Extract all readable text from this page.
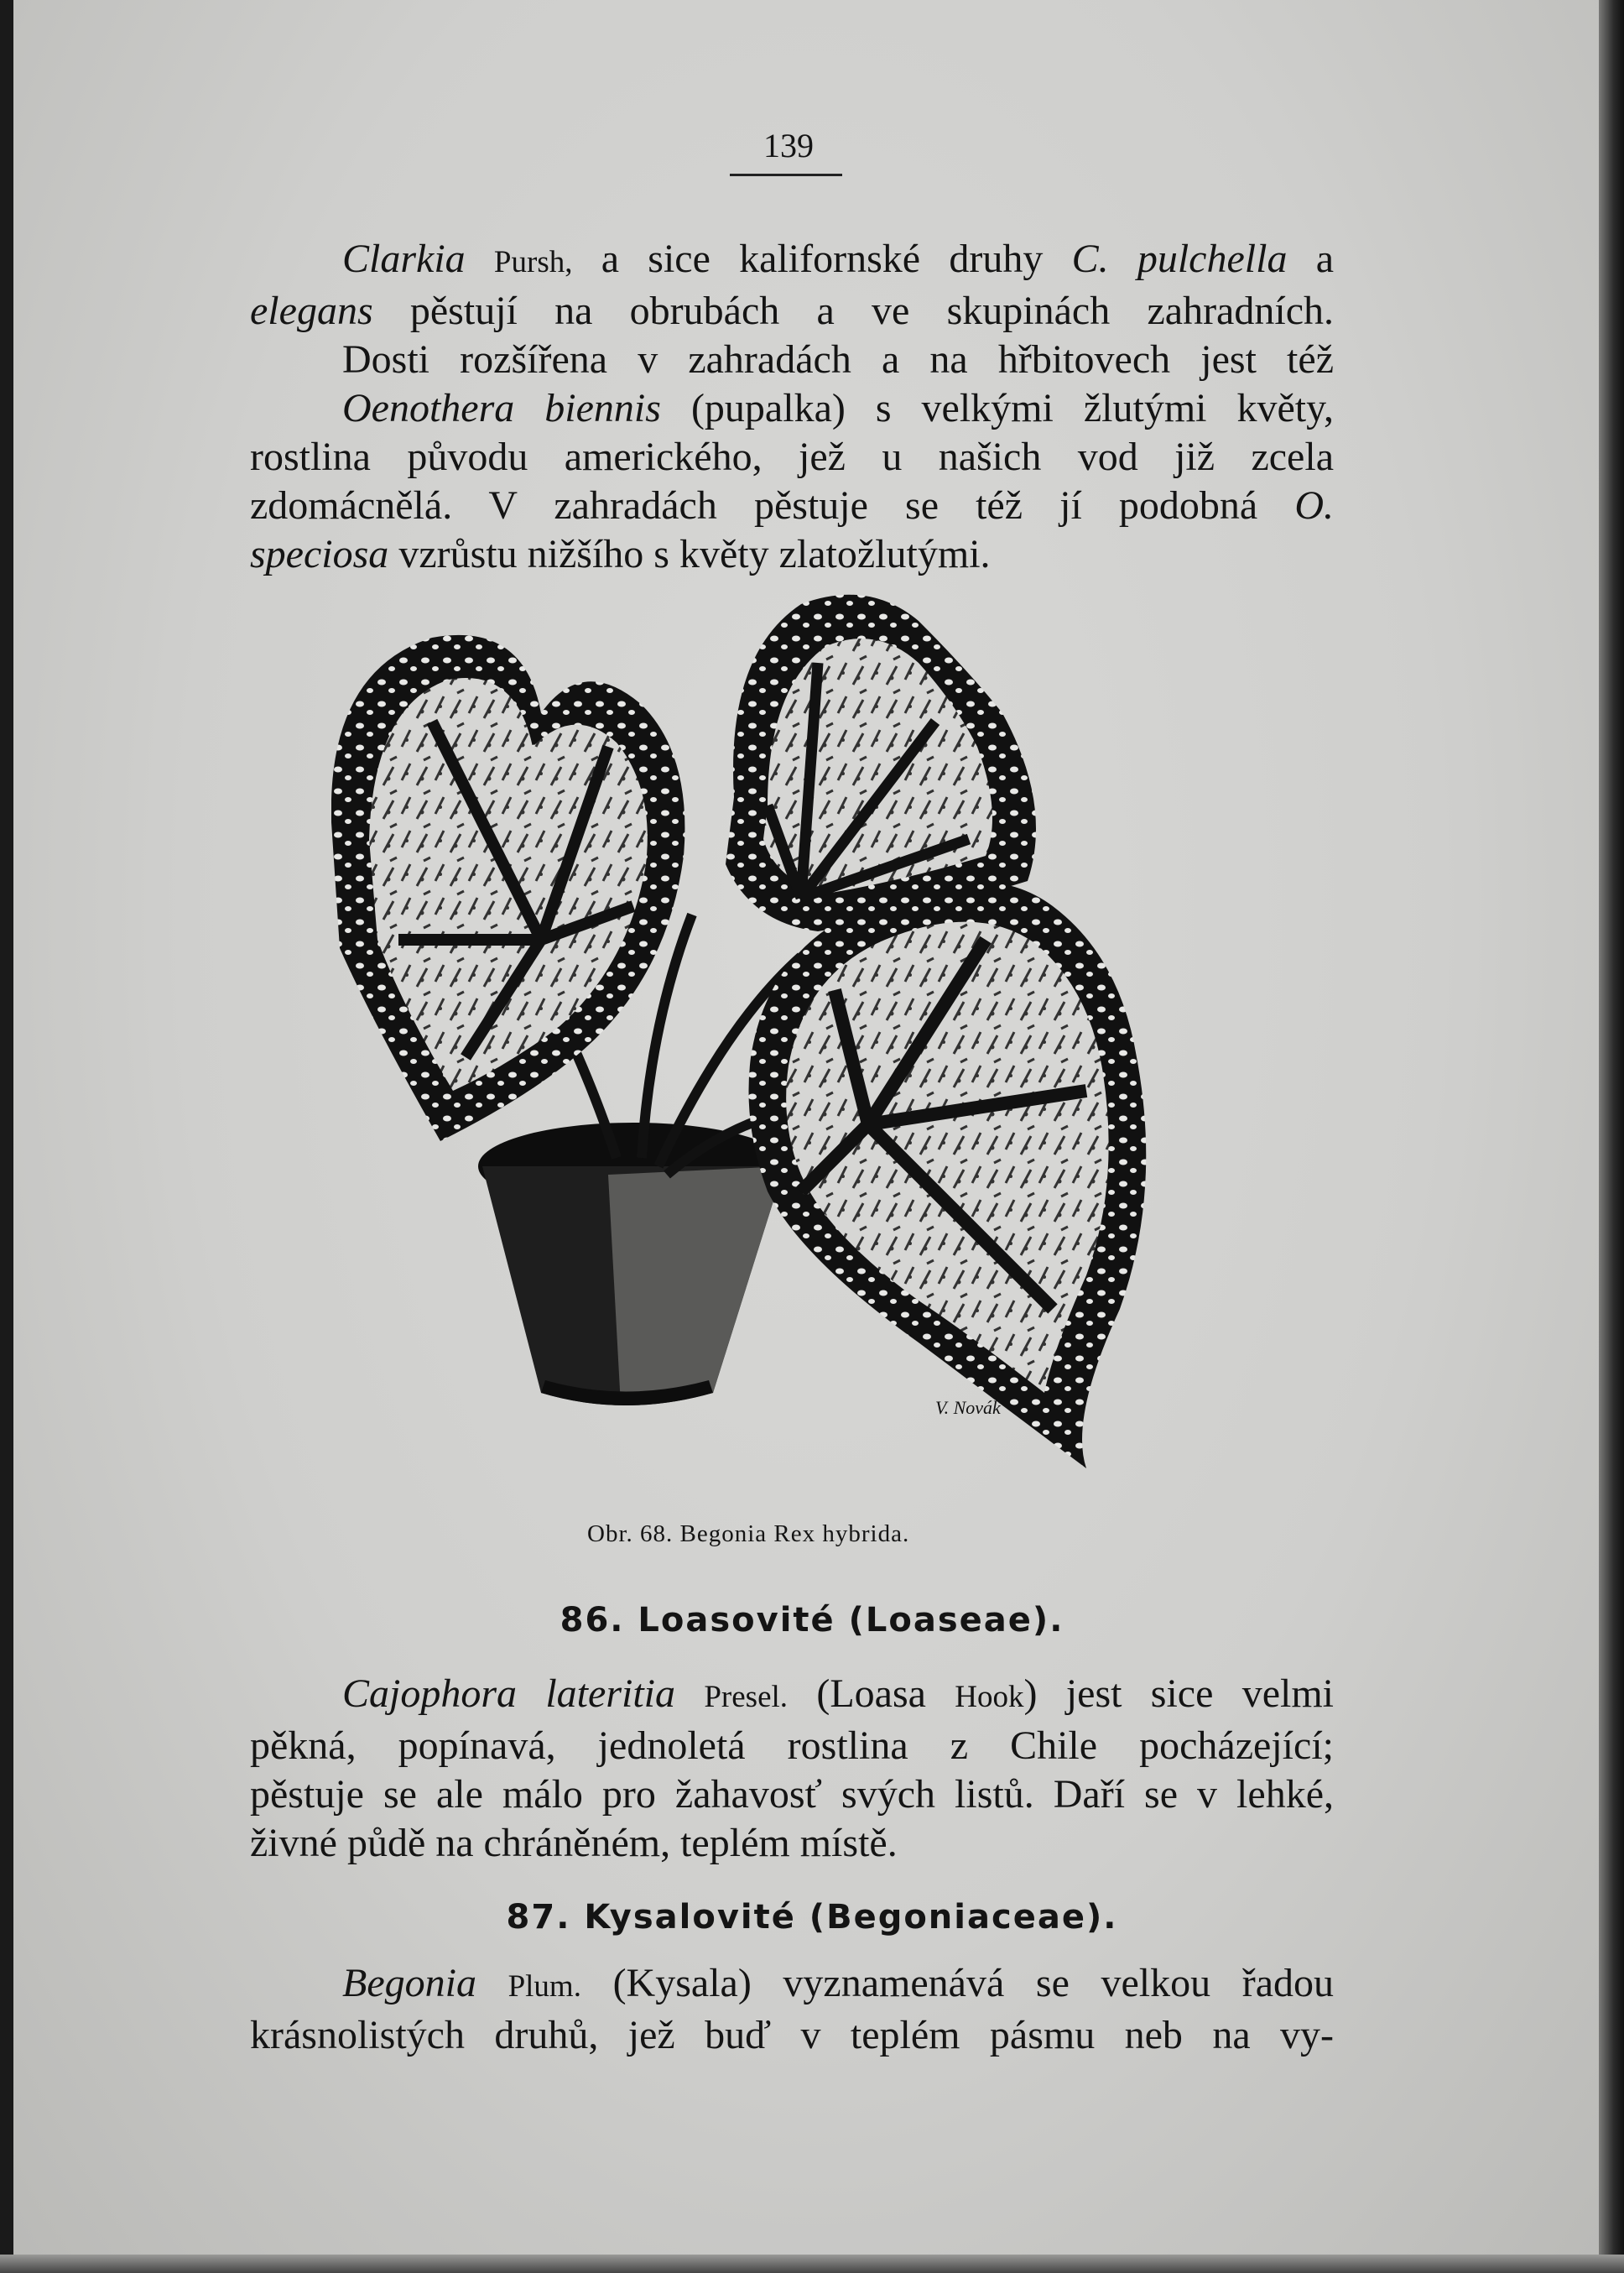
139
Clarkia Pursh, a sice kalifornské druhy C. pulchella a
elegans pěstují na obrubách a ve skupinách zahradních.
Dosti rozšířena v zahradách a na hřbitovech jest též
Oenothera biennis (pupalka) s velkými žlutými květy,
rostlina původu amerického, jež u našich vod již zcela
zdomácnělá. V zahradách pěstuje se též jí podobná O.
speciosa vzrůstu nižšího s květy zlatožlutými.
V. Novák
Obr. 68. Begonia Rex hybrida.
86. Loasovité (Loaseae).
Cajophora lateritia Presel. (Loasa Hook) jest sice velmi
pěkná, popínavá, jednoletá rostlina z Chile pocházející;
pěstuje se ale málo pro žahavosť svých listů. Daří se v lehké,
živné půdě na chráněném, teplém místě.
87. Kysalovité (Begoniaceae).
Begonia Plum. (Kysala) vyznamenává se velkou řadou
krásnolistých druhů, jež buď v teplém pásmu neb na vy-
